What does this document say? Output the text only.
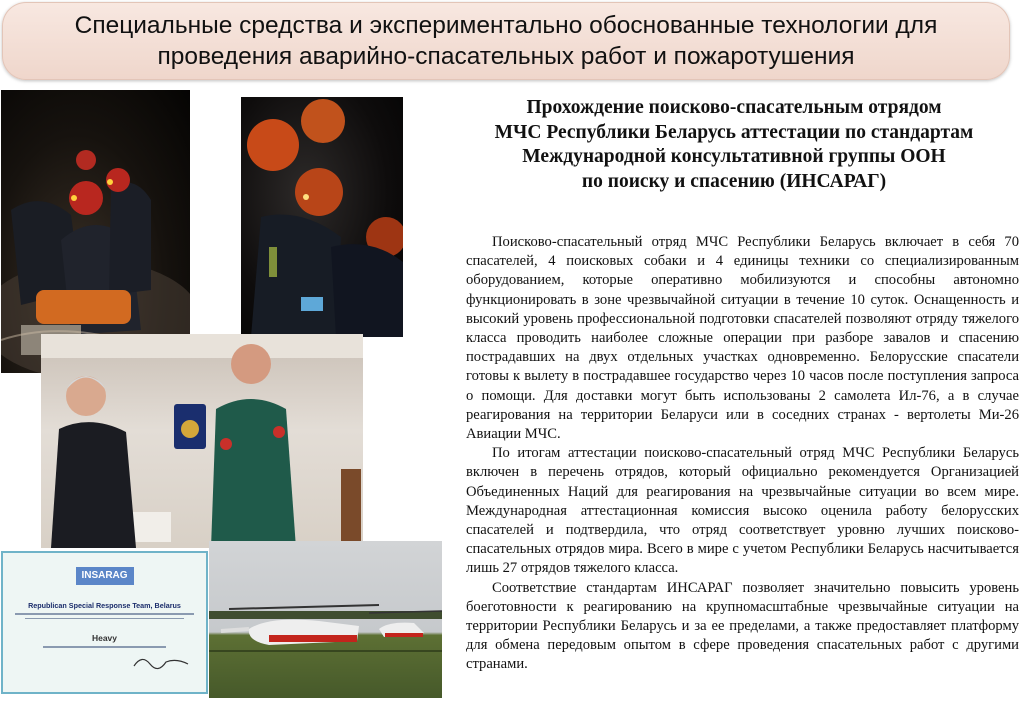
Специальные средства и экспериментально обоснованные технологии для
проведения аварийно-спасательных работ и пожаротушения
INSARAG
Republican Special Response Team, Belarus
Heavy
Прохождение поисково-спасательным отрядом
МЧС Республики Беларусь аттестации по стандартам
Международной консультативной группы ООН
по поиску и спасению (ИНСАРАГ)

Поисково-спасательный отряд МЧС Республики Беларусь включает в себя 70 спасателей, 4 поисковых собаки и 4 единицы техники со специализированным оборудованием, которые оперативно мобилизуются и способны автономно функционировать в зоне чрезвычайной ситуации в течение 10 суток. Оснащенность и высокий уровень профессиональной подготовки спасателей позволяют отряду тяжелого класса проводить наиболее сложные операции при разборе завалов и спасению пострадавших на двух отдельных участках одновременно. Белорусские спасатели готовы к вылету в пострадавшее государство через 10 часов после поступления запроса о помощи. Для доставки могут быть использованы 2 самолета Ил-76, а в случае реагирования на территории Беларуси или в соседних странах - вертолеты Ми-26 Авиации МЧС.

По итогам аттестации поисково-спасательный отряд МЧС Республики Беларусь включен в перечень отрядов, который официально рекомендуется Организацией Объединенных Наций для реагирования на чрезвычайные ситуации во всем мире. Международная аттестационная комиссия высоко оценила работу белорусских спасателей и подтвердила, что отряд соответствует уровню лучших поисково-спасательных отрядов мира. Всего в мире с учетом Республики Беларусь насчитывается лишь 27 отрядов тяжелого класса.

Соответствие стандартам ИНСАРАГ позволяет значительно повысить уровень боеготовности к реагированию на крупномасштабные чрезвычайные ситуации на территории Республики Беларусь и за ее пределами, а также предоставляет платформу для обмена передовым опытом в сфере проведения спасательных работ с другими странами.
